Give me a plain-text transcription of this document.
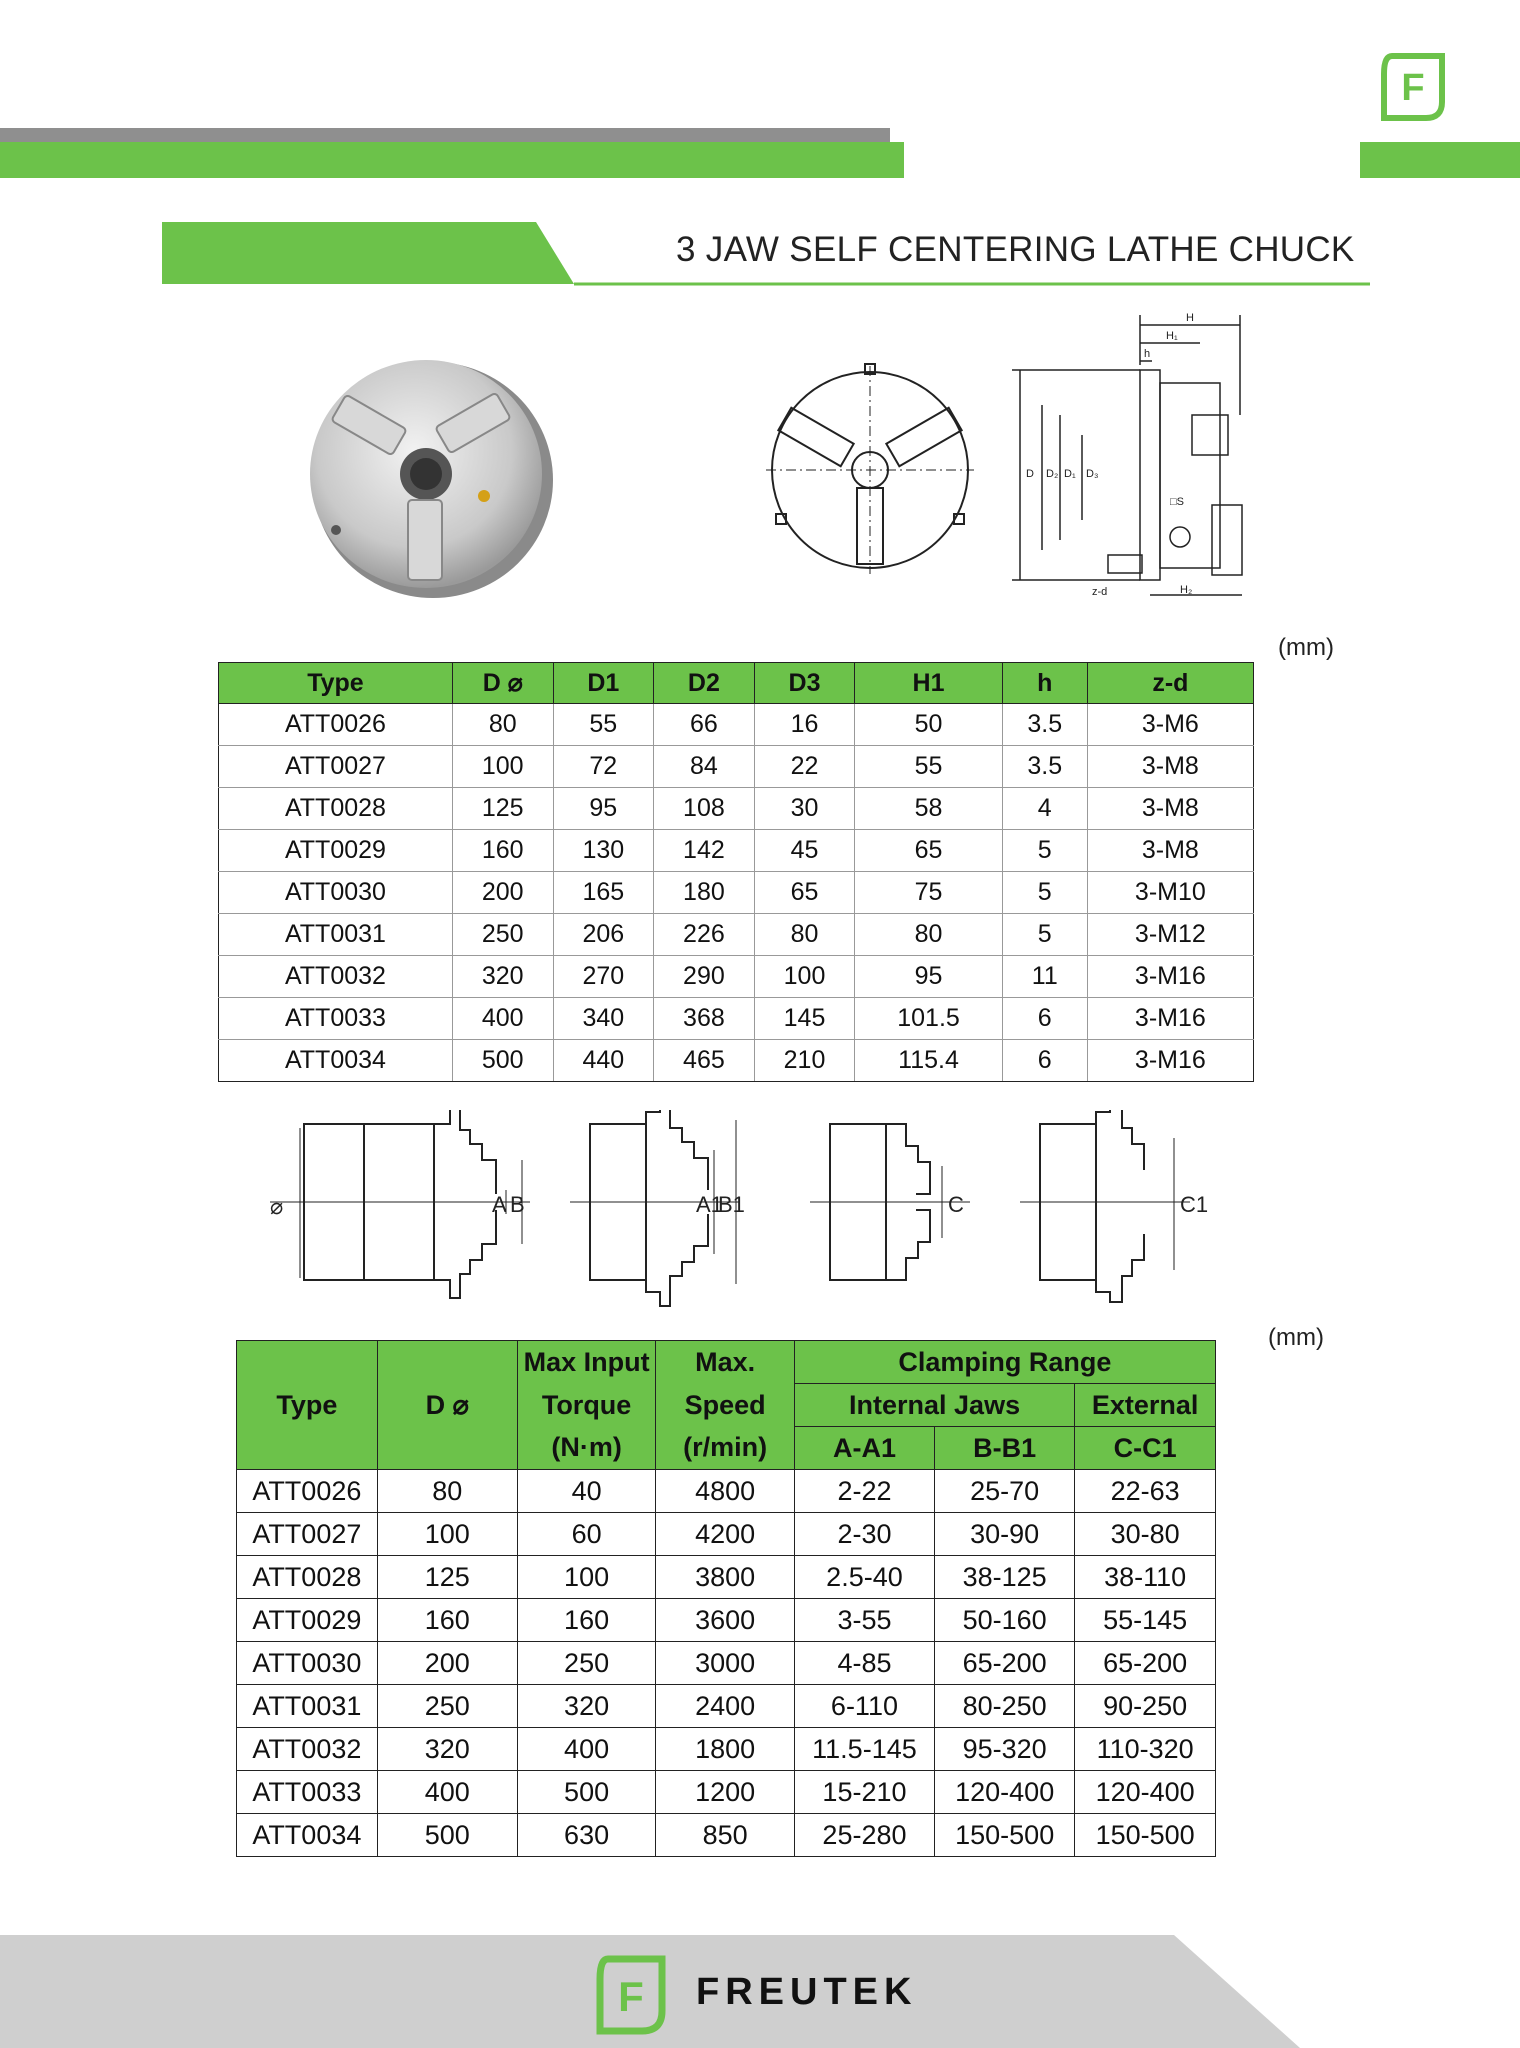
F
3 JAW SELF CENTERING LATHE CHUCK
H
H₁
h
D D₂ D₁ D₃
□S
z-d	H₂
(mm)
Type	D ⌀	D1	D2	D3	H1	h	z-d
ATT0026	80	55	66	16	50	3.5	3-M6
ATT0027	100	72	84	22	55	3.5	3-M8
ATT0028	125	95	108	30	58	4	3-M8
ATT0029	160	130	142	45	65	5	3-M8
ATT0030	200	165	180	65	75	5	3-M10
ATT0031	250	206	226	80	80	5	3-M12
ATT0032	320	270	290	100	95	11	3-M16
ATT0033	400	340	368	145	101.5	6	3-M16
ATT0034	500	440	465	210	115.4	6	3-M16
⌀	A B	A1
B1	C	C1
(mm)
Type	D ⌀	Max Input	Max.	Clamping Range		
		Torque	Speed	Internal Jaws		External
		(N·m)	(r/min)	A-A1	B-B1	C-C1
ATT0026	80	40	4800	2-22	25-70	22-63
ATT0027	100	60	4200	2-30	30-90	30-80
ATT0028	125	100	3800	2.5-40	38-125	38-110
ATT0029	160	160	3600	3-55	50-160	55-145
ATT0030	200	250	3000	4-85	65-200	65-200
ATT0031	250	320	2400	6-110	80-250	90-250
ATT0032	320	400	1800	11.5-145	95-320	110-320
ATT0033	400	500	1200	15-210	120-400	120-400
ATT0034	500	630	850	25-280	150-500	150-500
F FREUTEK
